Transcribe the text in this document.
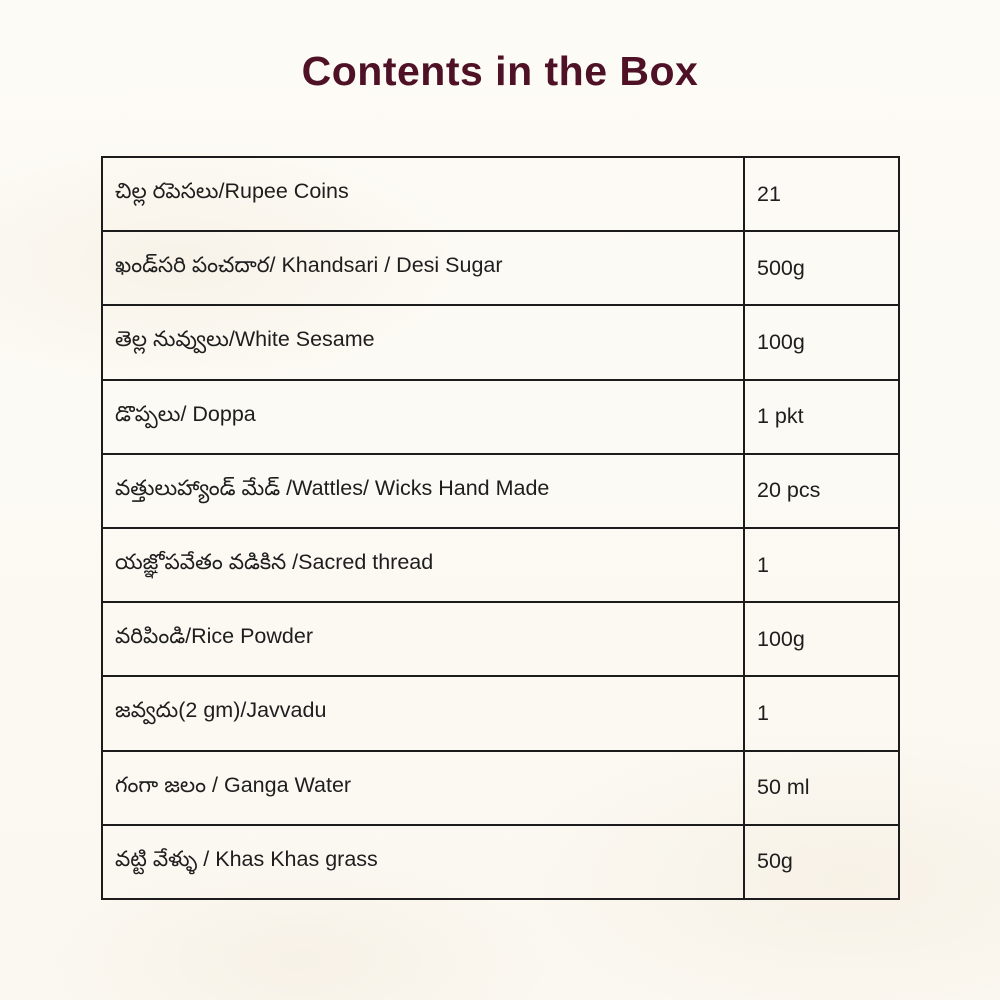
Contents in the Box
చిల్ల రపెసలు/Rupee Coins	21
ఖండ్‌సరి పంచదార/ Khandsari / Desi Sugar	500g
తెల్ల నువ్వులు/White Sesame	100g
డొప్పలు/ Doppa	1 pkt
వత్తులుహ్యాండ్ మేడ్ /Wattles/ Wicks Hand Made	20 pcs
యజ్ఞోపవేతం వడికిన /Sacred thread	1
వరిపిండి/Rice Powder	100g
జవ్వదు(2 gm)/Javvadu	1
గంగా జలం / Ganga Water	50 ml
వట్టి వేళ్ళు / Khas Khas grass	50g
